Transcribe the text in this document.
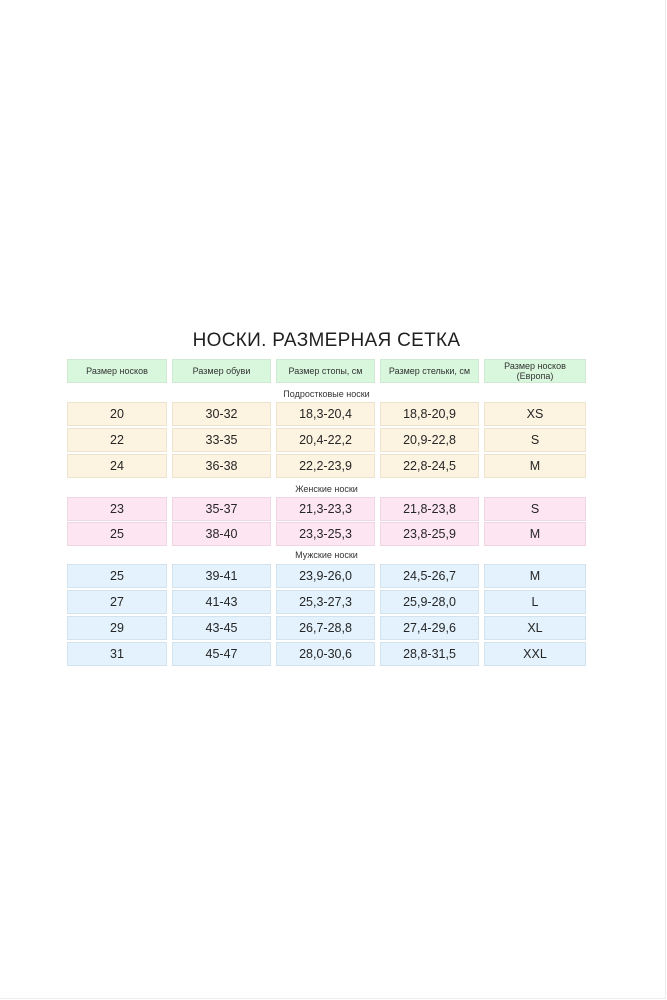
НОСКИ. РАЗМЕРНАЯ СЕТКА
Размер носков	Размер обуви	Размер стопы, см	Размер стельки, см	Размер носков (Европа)
Подростковые носки
20	30-32	18,3-20,4	18,8-20,9	XS
22	33-35	20,4-22,2	20,9-22,8	S
24	36-38	22,2-23,9	22,8-24,5	M
Женские носки
23	35-37	21,3-23,3	21,8-23,8	S
25	38-40	23,3-25,3	23,8-25,9	M
Мужские носки
25	39-41	23,9-26,0	24,5-26,7	M
27	41-43	25,3-27,3	25,9-28,0	L
29	43-45	26,7-28,8	27,4-29,6	XL
31	45-47	28,0-30,6	28,8-31,5	XXL
